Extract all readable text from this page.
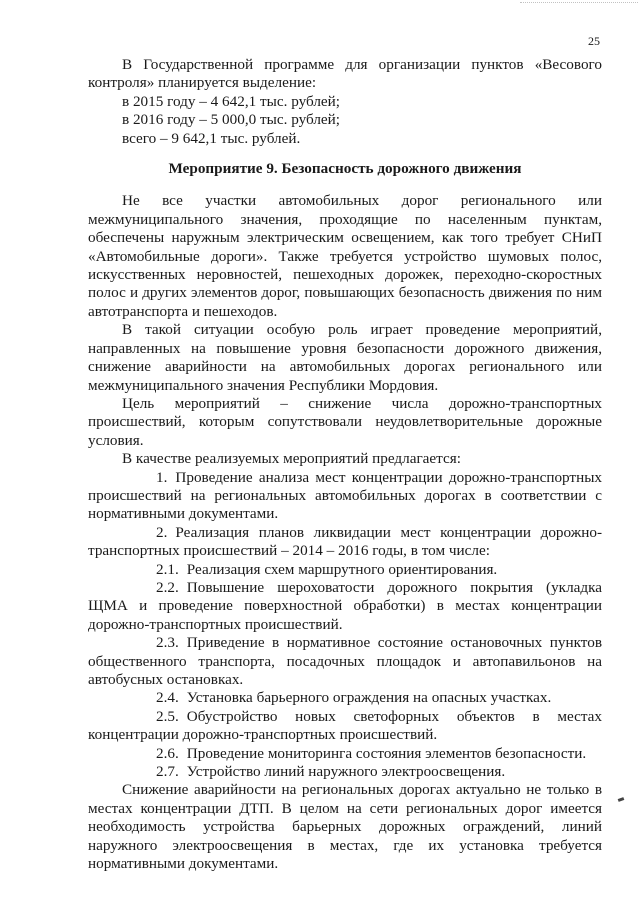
25

В Государственной программе для организации пунктов «Весового контроля» планируется выделение:

в 2015 году – 4 642,1 тыс. рублей;

в 2016 году – 5 000,0 тыс. рублей;

всего – 9 642,1 тыс. рублей.

Мероприятие 9. Безопасность дорожного движения

Не все участки автомобильных дорог регионального или межмуниципального значения, проходящие по населенным пунктам, обеспечены наружным электрическим освещением, как того требует СНиП «Автомобильные дороги». Также требуется устройство шумовых полос, искусственных неровностей, пешеходных дорожек, переходно-скоростных полос и других элементов дорог, повышающих безопасность движения по ним автотранспорта и пешеходов.

В такой ситуации особую роль играет проведение мероприятий, направленных на повышение уровня безопасности дорожного движения, снижение аварийности на автомобильных дорогах регионального или межмуниципального значения Республики Мордовия.

Цель мероприятий – снижение числа дорожно-транспортных происшествий, которым сопутствовали неудовлетворительные дорожные условия.

В качестве реализуемых мероприятий предлагается:

1. Проведение анализа мест концентрации дорожно-транспортных происшествий на региональных автомобильных дорогах в соответствии с нормативными документами.

2. Реализация планов ликвидации мест концентрации дорожно-транспортных происшествий – 2014 – 2016 годы, в том числе:

2.1. Реализация схем маршрутного ориентирования.

2.2. Повышение шероховатости дорожного покрытия (укладка ЩМА и проведение поверхностной обработки) в местах концентрации дорожно-транспортных происшествий.

2.3. Приведение в нормативное состояние остановочных пунктов общественного транспорта, посадочных площадок и автопавильонов на автобусных остановках.

2.4. Установка барьерного ограждения на опасных участках.

2.5. Обустройство новых светофорных объектов в местах концентрации дорожно-транспортных происшествий.

2.6. Проведение мониторинга состояния элементов безопасности.

2.7. Устройство линий наружного электроосвещения.

Снижение аварийности на региональных дорогах актуально не только в местах концентрации ДТП. В целом на сети региональных дорог имеется необходимость устройства барьерных дорожных ограждений, линий наружного электроосвещения в местах, где их установка требуется нормативными документами.
